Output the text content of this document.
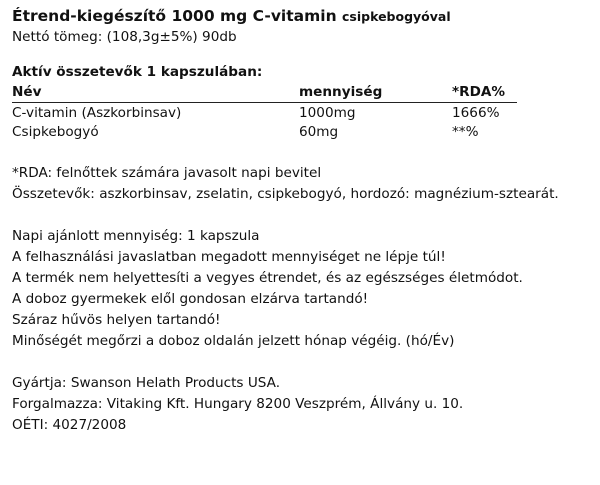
Étrend-kiegészítő 1000 mg C-vitamin csipkebogyóval
Nettó tömeg: (108,3g±5%) 90db
Aktív összetevők 1 kapszulában:
Név	mennyiség	*RDA%
C-vitamin (Aszkorbinsav)	1000mg	1666%
Csipkebogyó	60mg	**%
*RDA: felnőttek számára javasolt napi bevitel
Összetevők: aszkorbinsav, zselatin, csipkebogyó, hordozó: magnézium-sztearát.
Napi ajánlott mennyiség: 1 kapszula
A felhasználási javaslatban megadott mennyiséget ne lépje túl!
A termék nem helyettesíti a vegyes étrendet, és az egészséges életmódot.
A doboz gyermekek elől gondosan elzárva tartandó!
Száraz hűvös helyen tartandó!
Minőségét megőrzi a doboz oldalán jelzett hónap végéig. (hó/Év)
Gyártja: Swanson Helath Products USA.
Forgalmazza: Vitaking Kft. Hungary 8200 Veszprém, Állvány u. 10.
OÉTI: 4027/2008
